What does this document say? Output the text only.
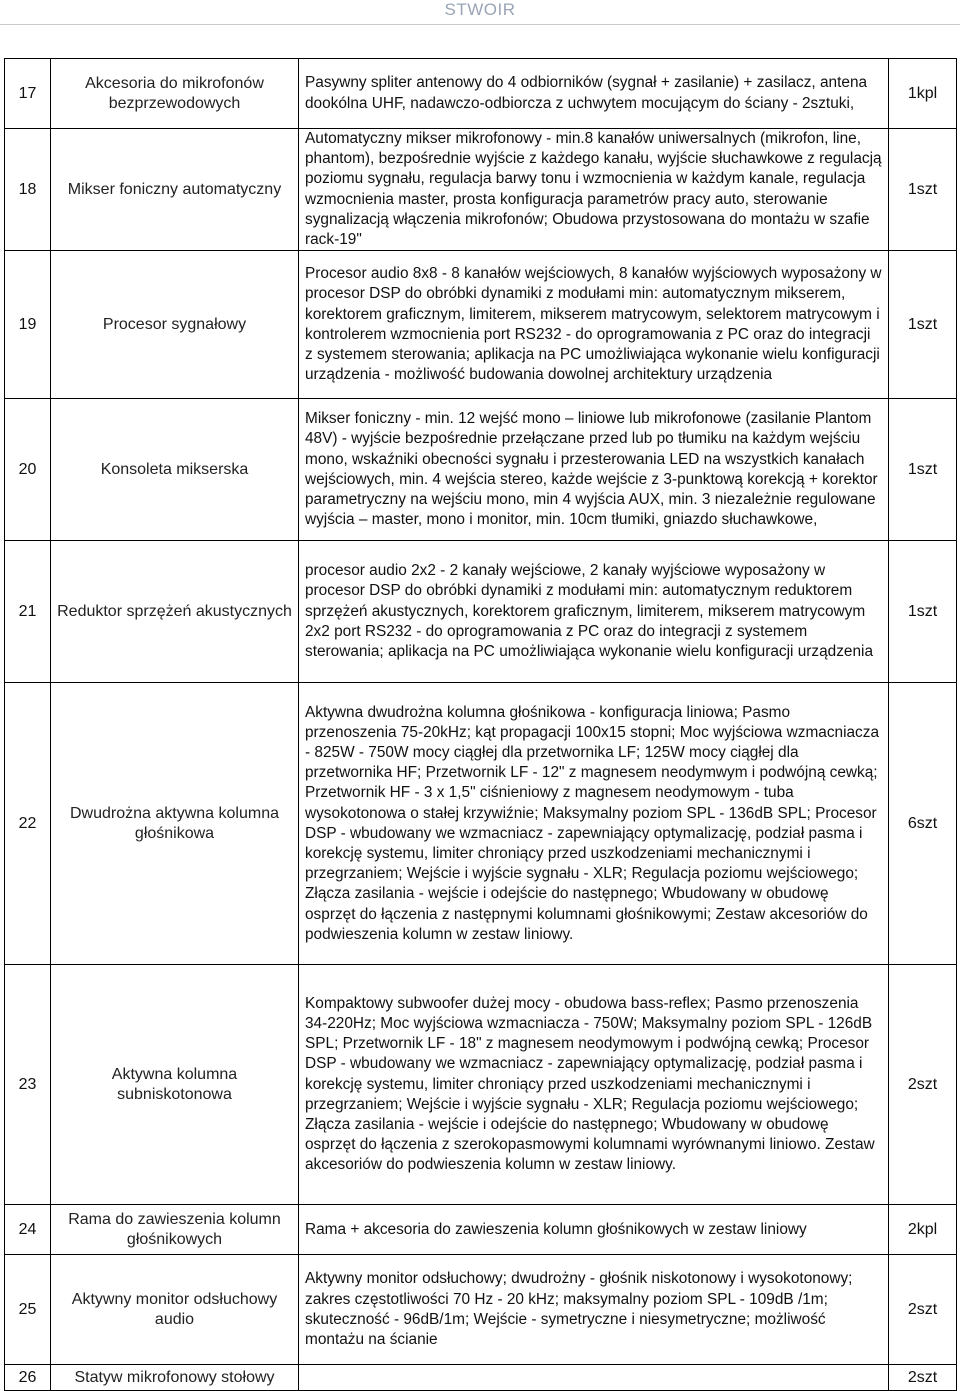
STWOIR
17	Akcesoria do mikrofonów bezprzewodowych	Pasywny spliter antenowy do 4 odbiorników (sygnał + zasilanie) + zasilacz, antena dookólna UHF, nadawczo-odbiorcza z uchwytem mocującym do ściany - 2sztuki,	1kpl
18	Mikser foniczny automatyczny	Automatyczny mikser mikrofonowy - min.8 kanałów uniwersalnych (mikrofon, line, phantom), bezpośrednie wyjście z każdego kanału, wyjście słuchawkowe z regulacją poziomu sygnału, regulacja barwy tonu i wzmocnienia w każdym kanale, regulacja wzmocnienia master, prosta konfiguracja parametrów pracy auto, sterowanie sygnalizacją włączenia mikrofonów; Obudowa przystosowana do montażu w szafie rack-19"	1szt
19	Procesor sygnałowy	Procesor audio 8x8 - 8 kanałów wejściowych, 8 kanałów wyjściowych wyposażony w procesor DSP do obróbki dynamiki z modułami min: automatycznym mikserem, korektorem graficznym, limiterem, mikserem matrycowym, selektorem matrycowym i kontrolerem wzmocnienia port RS232 - do oprogramowania z PC oraz do integracji z systemem sterowania; aplikacja na PC umożliwiająca wykonanie wielu konfiguracji urządzenia - możliwość budowania dowolnej architektury urządzenia	1szt
20	Konsoleta mikserska	Mikser foniczny - min. 12 wejść mono – liniowe lub mikrofonowe (zasilanie Plantom 48V) - wyjście bezpośrednie przełączane przed lub po tłumiku na każdym wejściu mono, wskaźniki obecności sygnału i przesterowania LED na wszystkich kanałach wejściowych, min. 4 wejścia stereo, każde wejście z 3-punktową korekcją + korektor parametryczny na wejściu mono, min 4 wyjścia AUX, min. 3 niezależnie regulowane wyjścia – master, mono i monitor, min. 10cm tłumiki, gniazdo słuchawkowe,	1szt
21	Reduktor sprzężeń akustycznych	procesor audio 2x2 - 2 kanały wejściowe, 2 kanały wyjściowe wyposażony w procesor DSP do obróbki dynamiki z modułami min: automatycznym reduktorem sprzężeń akustycznych, korektorem graficznym, limiterem, mikserem matrycowym 2x2 port RS232 - do oprogramowania z PC oraz do integracji z systemem sterowania; aplikacja na PC umożliwiająca wykonanie wielu konfiguracji urządzenia	1szt
22	Dwudrożna aktywna kolumna głośnikowa	Aktywna dwudrożna kolumna głośnikowa - konfiguracja liniowa; Pasmo przenoszenia 75-20kHz; kąt propagacji 100x15 stopni; Moc wyjściowa wzmacniacza - 825W - 750W mocy ciągłej dla przetwornika LF; 125W mocy ciągłej dla przetwornika HF; Przetwornik LF - 12" z magnesem neodymwym i podwójną cewką; Przetwornik HF - 3 x 1,5" ciśnieniowy z magnesem neodymowym - tuba wysokotonowa o stałej krzywiźnie; Maksymalny poziom SPL - 136dB SPL; Procesor DSP - wbudowany we wzmacniacz - zapewniający optymalizację, podział pasma i korekcję systemu, limiter chroniący przed uszkodzeniami mechanicznymi i przegrzaniem; Wejście i wyjście sygnału - XLR; Regulacja poziomu wejściowego; Złącza zasilania - wejście i odejście do następnego; Wbudowany w obudowę osprzęt do łączenia z następnymi kolumnami głośnikowymi; Zestaw akcesoriów do podwieszenia kolumn w zestaw liniowy.	6szt
23	Aktywna kolumna subniskotonowa	Kompaktowy subwoofer dużej mocy - obudowa bass-reflex; Pasmo przenoszenia 34-220Hz; Moc wyjściowa wzmacniacza - 750W; Maksymalny poziom SPL - 126dB SPL; Przetwornik LF - 18" z magnesem neodymowym i podwójną cewką; Procesor DSP - wbudowany we wzmacniacz - zapewniający optymalizację, podział pasma i korekcję systemu, limiter chroniący przed uszkodzeniami mechanicznymi i przegrzaniem; Wejście i wyjście sygnału - XLR; Regulacja poziomu wejściowego; Złącza zasilania - wejście i odejście do następnego; Wbudowany w obudowę osprzęt do łączenia z szerokopasmowymi kolumnami wyrównanymi liniowo. Zestaw akcesoriów do podwieszenia kolumn w zestaw liniowy.	2szt
24	Rama do zawieszenia kolumn głośnikowych	Rama + akcesoria do zawieszenia kolumn głośnikowych w zestaw liniowy	2kpl
25	Aktywny monitor odsłuchowy audio	Aktywny monitor odsłuchowy; dwudrożny - głośnik niskotonowy i wysokotonowy; zakres częstotliwości 70 Hz - 20 kHz; maksymalny poziom SPL - 109dB /1m; skuteczność - 96dB/1m; Wejście - symetryczne i niesymetryczne; możliwość montażu na ścianie	2szt
26	Statyw mikrofonowy stołowy		2szt
